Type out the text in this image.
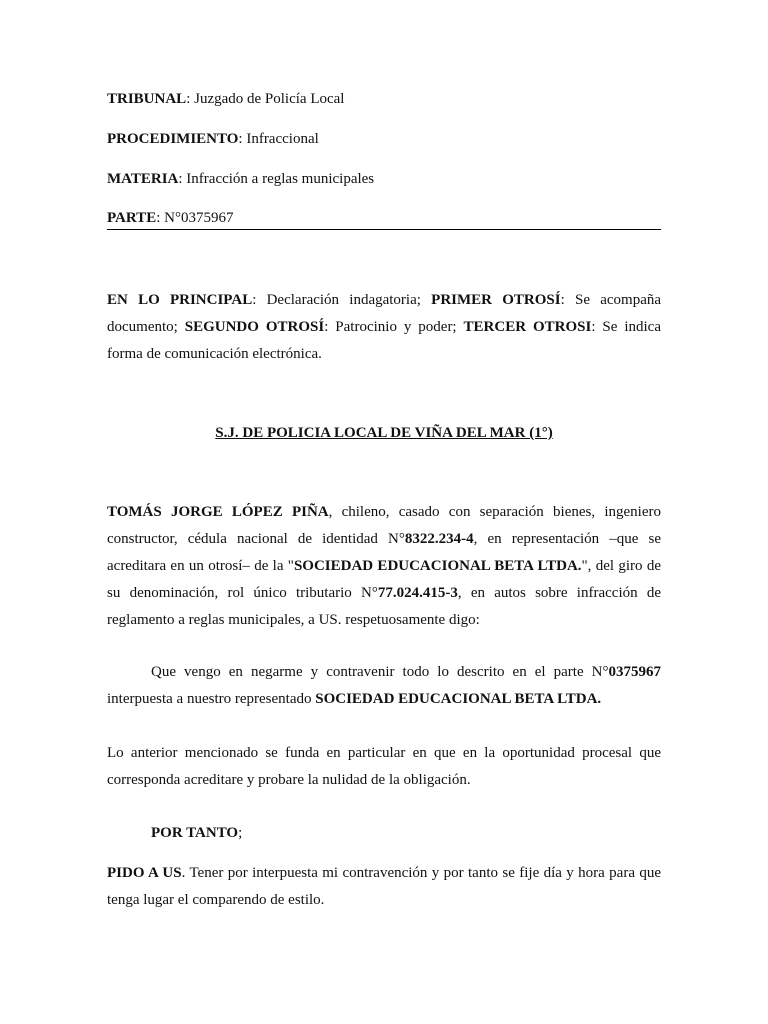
TRIBUNAL: Juzgado de Policía Local
PROCEDIMIENTO: Infraccional
MATERIA: Infracción a reglas municipales
PARTE: N°0375967
EN LO PRINCIPAL: Declaración indagatoria; PRIMER OTROSÍ: Se acompaña documento; SEGUNDO OTROSÍ: Patrocinio y poder; TERCER OTROSI: Se indica forma de comunicación electrónica.
S.J. DE POLICIA LOCAL DE VIÑA DEL MAR (1°)
TOMÁS JORGE LÓPEZ PIÑA, chileno, casado con separación bienes, ingeniero constructor, cédula nacional de identidad N°8322.234-4, en representación –que se acreditara en un otrosí– de la "SOCIEDAD EDUCACIONAL BETA LTDA.", del giro de su denominación, rol único tributario N°77.024.415-3, en autos sobre infracción de reglamento a reglas municipales, a US. respetuosamente digo:
Que vengo en negarme y contravenir todo lo descrito en el parte N°0375967 interpuesta a nuestro representado SOCIEDAD EDUCACIONAL BETA LTDA.
Lo anterior mencionado se funda en particular en que en la oportunidad procesal que corresponda acreditare y probare la nulidad de la obligación.
POR TANTO;
PIDO A US. Tener por interpuesta mi contravención y por tanto se fije día y hora para que tenga lugar el comparendo de estilo.
